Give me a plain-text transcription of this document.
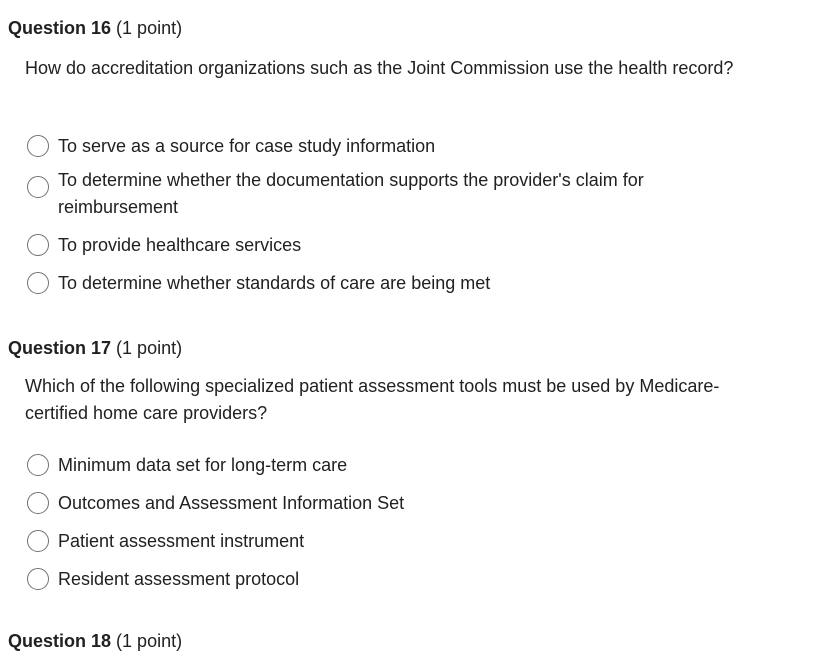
Question 16 (1 point)
How do accreditation organizations such as the Joint Commission use the health record?
To serve as a source for case study information
To determine whether the documentation supports the provider's claim for reimbursement
To provide healthcare services
To determine whether standards of care are being met
Question 17 (1 point)
Which of the following specialized patient assessment tools must be used by Medicare-certified home care providers?
Minimum data set for long-term care
Outcomes and Assessment Information Set
Patient assessment instrument
Resident assessment protocol
Question 18 (1 point)
